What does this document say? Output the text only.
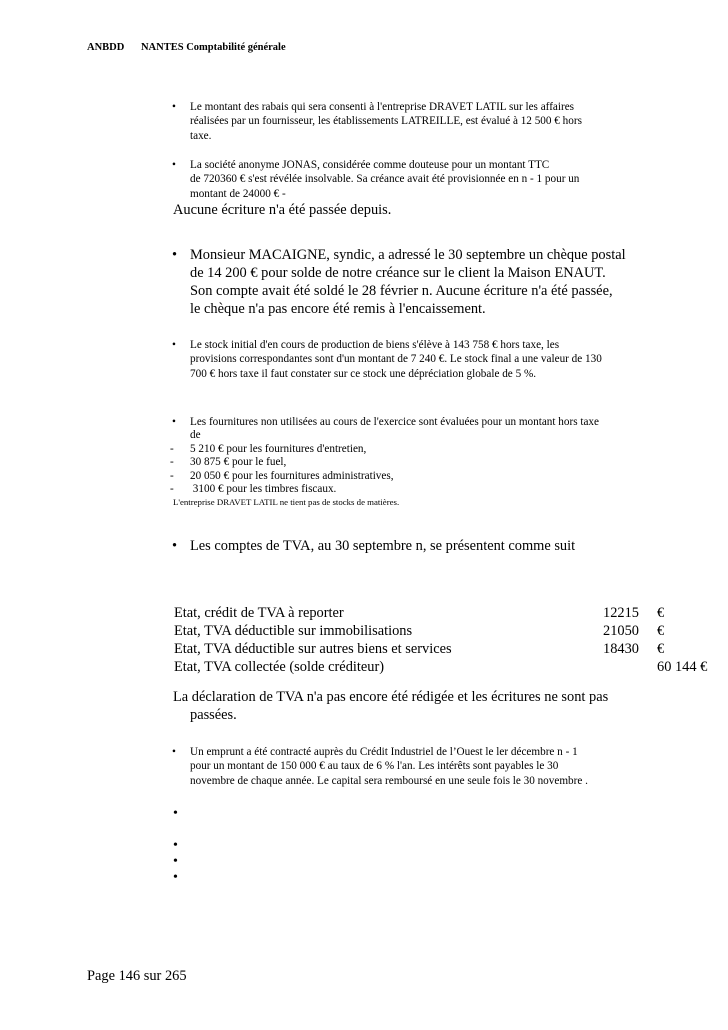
ANBDD NANTES Comptabilité générale
• Le montant des rabais qui sera consenti à l'entreprise DRAVET LATIL sur les affaires
réalisées par un fournisseur, les établissements LATREILLE, est évalué à 12 500 € hors
taxe.
• La société anonyme JONAS, considérée comme douteuse pour un montant TTC
de 720360 € s'est révélée insolvable. Sa créance avait été provisionnée en n - 1 pour un
montant de 24000 € -
Aucune écriture n'a été passée depuis.
• Monsieur MACAIGNE, syndic, a adressé le 30 septembre un chèque postal
de 14 200 € pour solde de notre créance sur le client la Maison ENAUT.
Son compte avait été soldé le 28 février n. Aucune écriture n'a été passée,
le chèque n'a pas encore été remis à l'encaissement.
• Le stock initial d'en cours de production de biens s'élève à 143 758 € hors taxe, les
provisions correspondantes sont d'un montant de 7 240 €. Le stock final a une valeur de 130
700 € hors taxe il faut constater sur ce stock une dépréciation globale de 5 %.
• Les fournitures non utilisées au cours de l'exercice sont évaluées pour un montant hors taxe
de
- 5 210 € pour les fournitures d'entretien,
- 30 875 € pour le fuel,
- 20 050 € pour les fournitures administratives,
-  3100 € pour les timbres fiscaux.
L'entreprise DRAVET LATIL ne tient pas de stocks de matières.
• Les comptes de TVA, au 30 septembre n, se présentent comme suit
Etat, crédit de TVA à reporter	12215 €
Etat, TVA déductible sur immobilisations	21050 €
Etat, TVA déductible sur autres biens et services	18430 €
Etat, TVA collectée (solde créditeur)	60 144 €
La déclaration de TVA n'a pas encore été rédigée et les écritures ne sont pas
passées.
• Un emprunt a été contracté auprès du Crédit Industriel de l’Ouest le ler décembre n - 1
pour un montant de 150 000 € au taux de 6 % l'an. Les intérêts sont payables le 30
novembre de chaque année. Le capital sera remboursé en une seule fois le 30 novembre .
•
•
•
•
Page 146 sur 265
